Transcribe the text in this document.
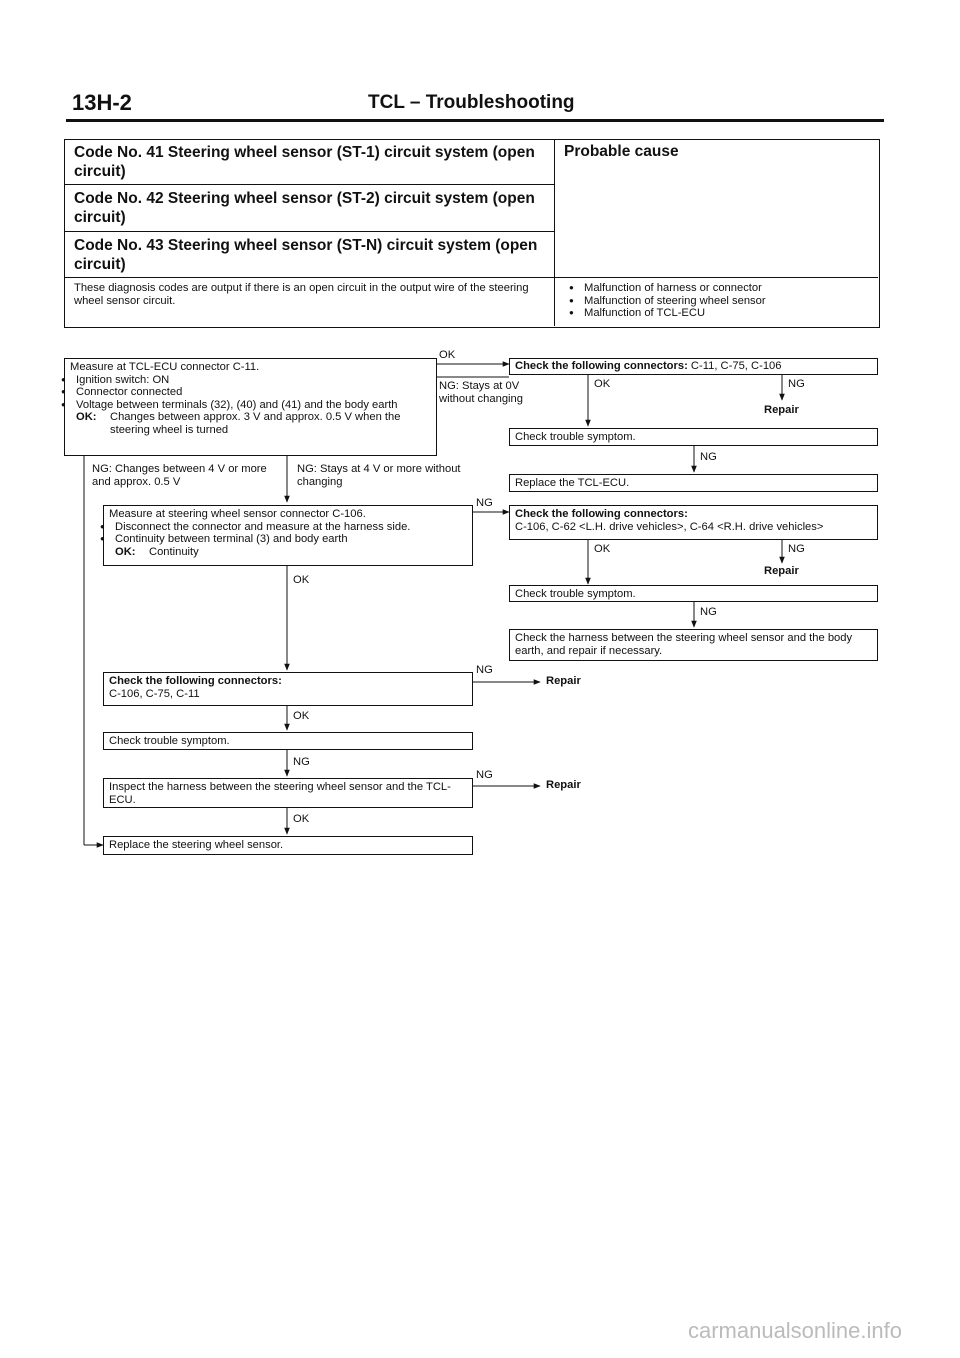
13H-2	TCL – Troubleshooting
Code No. 41 Steering wheel sensor (ST-1) circuit system (open circuit)
Code No. 42 Steering wheel sensor (ST-2) circuit system (open circuit)
Code No. 43 Steering wheel sensor (ST-N) circuit system (open circuit)
Probable cause
These diagnosis codes are output if there is an open circuit in the output wire of the steering wheel sensor circuit.
● Malfunction of harness or connector
● Malfunction of steering wheel sensor
● Malfunction of TCL-ECU
Measure at TCL-ECU connector C-11.
● Ignition switch: ON
● Connector connected
● Voltage between terminals (32), (40) and (41) and the body earth
OK:	Changes between approx. 3 V and approx. 0.5 V when the steering wheel is turned
OK
NG: Stays at 0V without changing
NG: Changes between 4 V or more and approx. 0.5 V
NG: Stays at 4 V or more without changing
Check the following connectors: C-11, C-75, C-106
OK	NG
Repair
Check trouble symptom.
NG
Replace the TCL-ECU.
Check the following connectors:
C-106, C-62 <L.H. drive vehicles>, C-64 <R.H. drive vehicles>
OK	NG
Repair
Check trouble symptom.
NG
Check the harness between the steering wheel sensor and the body earth, and repair if necessary.
Measure at steering wheel sensor connector C-106.
● Disconnect the connector and measure at the harness side.
● Continuity between terminal (3) and body earth
OK:	Continuity
NG
OK
Check the following connectors:
C-106, C-75, C-11
NG
Repair
OK
Check trouble symptom.
NG
Inspect the harness between the steering wheel sensor and the TCL-ECU.
NG
Repair
OK
Replace the steering wheel sensor.
carmanualsonline.info
